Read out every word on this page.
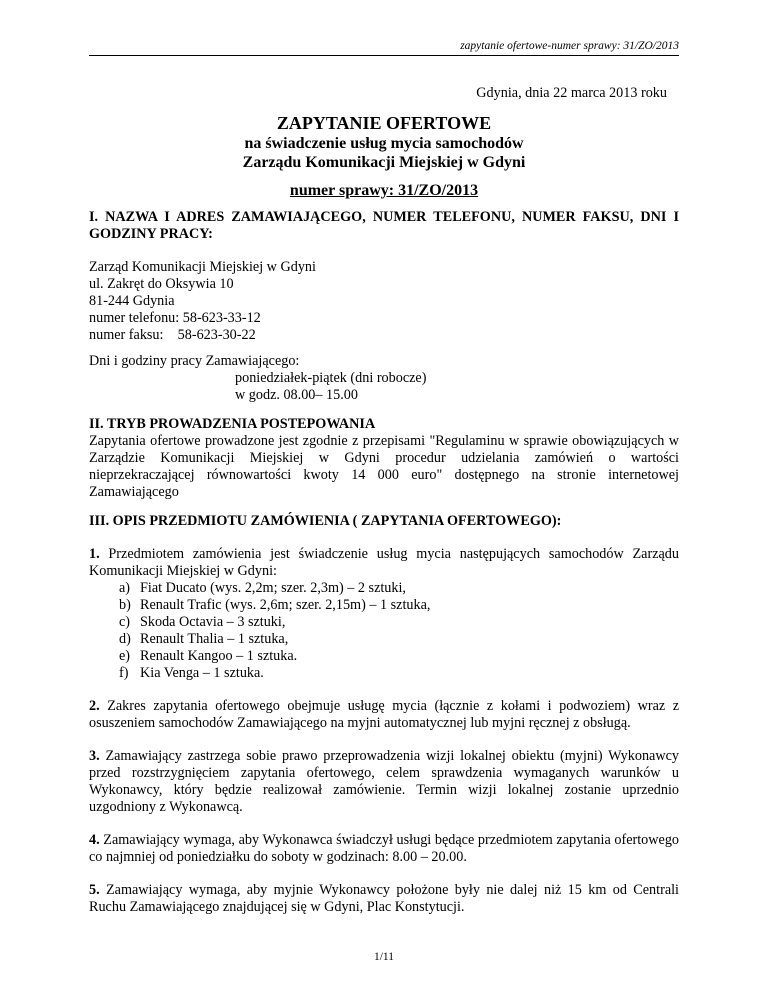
zapytanie ofertowe-numer sprawy: 31/ZO/2013

Gdynia, dnia 22 marca 2013 roku

ZAPYTANIE OFERTOWE
na świadczenie usług mycia samochodów
Zarządu Komunikacji Miejskiej w Gdyni
numer sprawy: 31/ZO/2013

I. NAZWA I ADRES ZAMAWIAJĄCEGO, NUMER TELEFONU, NUMER FAKSU, DNI I GODZINY PRACY:

Zarząd Komunikacji Miejskiej w Gdyni
ul. Zakręt do Oksywia 10
81-244 Gdynia
numer telefonu: 58-623-33-12
numer faksu:    58-623-30-22
Dni i godziny pracy Zamawiającego:
poniedziałek-piątek (dni robocze)
w godz. 08.00– 15.00

II. TRYB PROWADZENIA POSTEPOWANIA

Zapytania ofertowe prowadzone jest zgodnie z przepisami "Regulaminu w sprawie obowiązujących w Zarządzie Komunikacji Miejskiej w Gdyni procedur udzielania zamówień o wartości nieprzekraczającej równowartości kwoty 14 000 euro" dostępnego na stronie internetowej Zamawiającego

III. OPIS PRZEDMIOTU ZAMÓWIENIA ( ZAPYTANIA OFERTOWEGO):

1. Przedmiotem zamówienia jest świadczenie usług mycia następujących samochodów Zarządu Komunikacji Miejskiej w Gdyni:

a) Fiat Ducato (wys. 2,2m; szer. 2,3m) – 2 sztuki,
b) Renault Trafic (wys. 2,6m; szer. 2,15m) – 1 sztuka,
c) Skoda Octavia – 3 sztuki,
d) Renault Thalia – 1 sztuka,
e) Renault Kangoo – 1 sztuka.
f) Kia Venga – 1 sztuka.

2. Zakres zapytania ofertowego obejmuje usługę mycia (łącznie z kołami i podwoziem) wraz z osuszeniem samochodów Zamawiającego na myjni automatycznej lub myjni ręcznej z obsługą.

3. Zamawiający zastrzega sobie prawo przeprowadzenia wizji lokalnej obiektu (myjni) Wykonawcy przed rozstrzygnięciem zapytania ofertowego, celem sprawdzenia wymaganych warunków u Wykonawcy, który będzie realizował zamówienie. Termin wizji lokalnej zostanie uprzednio uzgodniony z Wykonawcą.

4. Zamawiający wymaga, aby Wykonawca świadczył usługi będące przedmiotem zapytania ofertowego co najmniej od poniedziałku do soboty w godzinach: 8.00 – 20.00.

5. Zamawiający wymaga, aby myjnie Wykonawcy położone były nie dalej niż 15 km od Centrali Ruchu Zamawiającego znajdującej się w Gdyni, Plac Konstytucji.

1/11
